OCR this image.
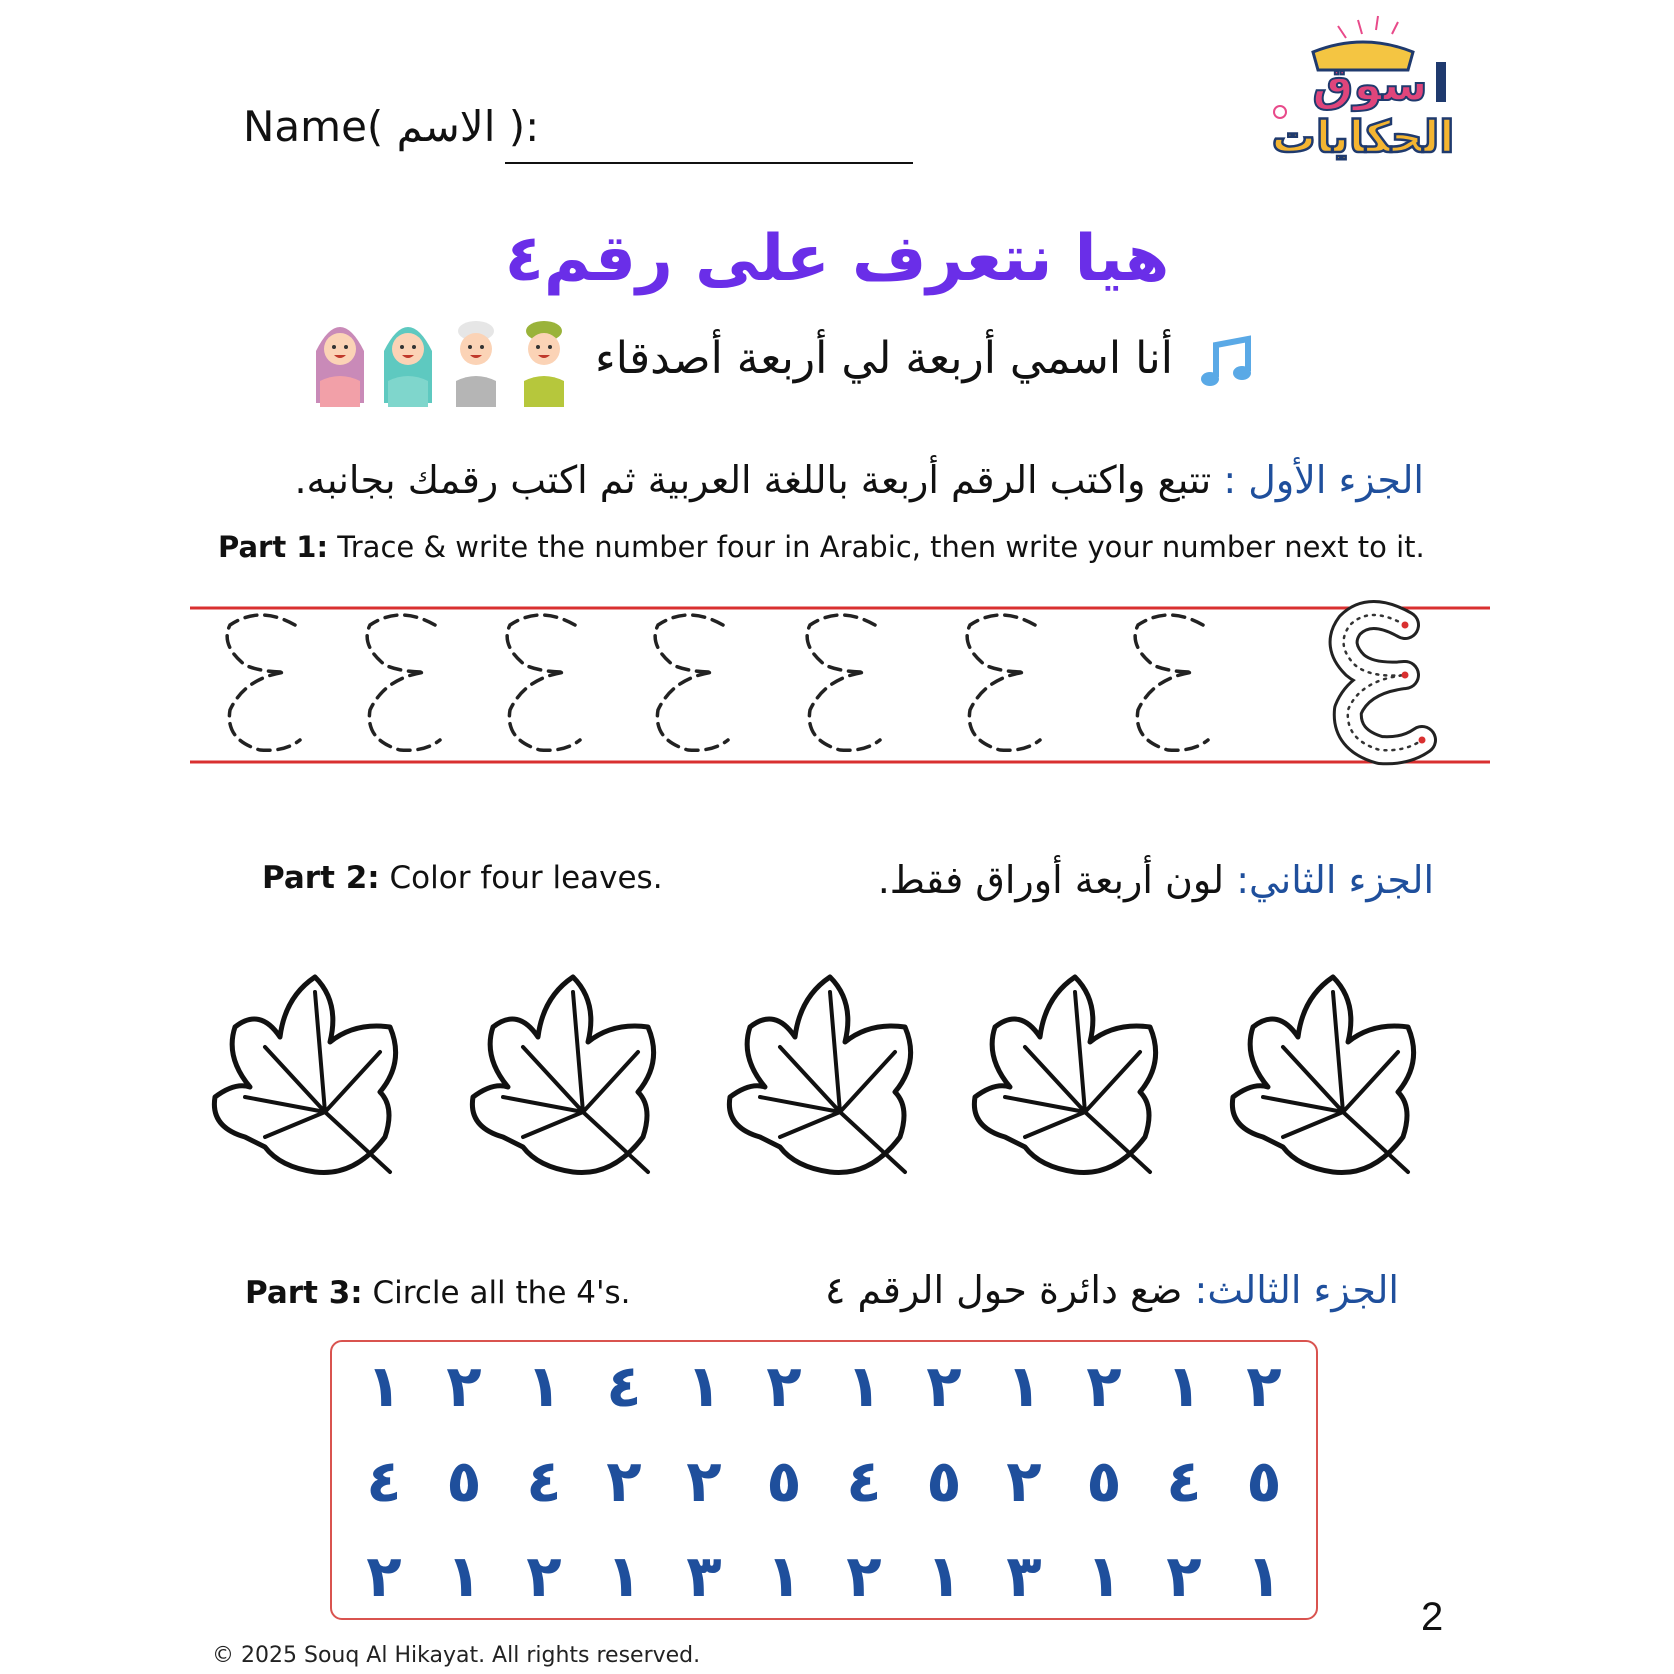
Name( الاسم ):
سوق
الحكايات
هيا نتعرف على رقم٤
أنا اسمي أربعة لي أربعة أصدقاء
الجزء الأول : تتبع واكتب الرقم أربعة باللغة العربية ثم اكتب رقمك بجانبه.
Part 1: Trace & write the number four in Arabic, then write your number next to it.
Part 2: Color four leaves.	الجزء الثاني: لون أربعة أوراق فقط.
Part 3: Circle all the 4's.	الجزء الثالث: ضع دائرة حول الرقم ٤
١ ٢ ١ ٤ ١ ٢ ١ ٢ ١ ٢ ١ ٢
٤ ٥ ٤ ٢ ٢ ٥ ٤ ٥ ٢ ٥ ٤ ٥
٢ ١ ٢ ١ ٣ ١ ٢ ١ ٣ ١ ٢ ١
2
© 2025 Souq Al Hikayat. All rights reserved.
